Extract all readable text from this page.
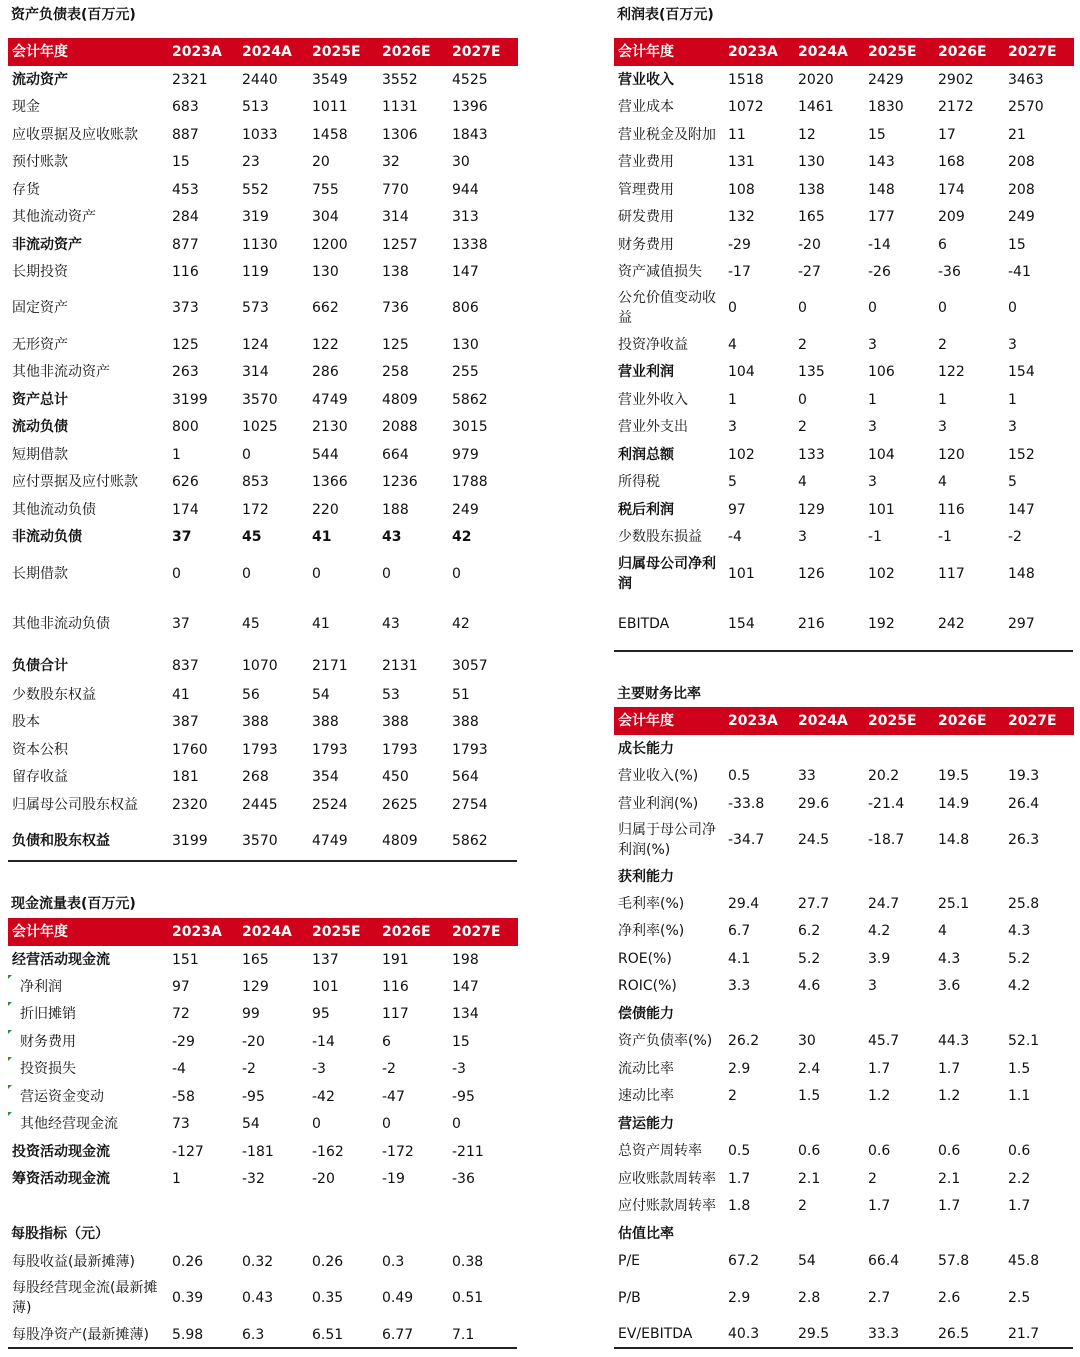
资产负债表(百万元)
会计年度	2023A	2024A	2025E	2026E	2027E
流动资产	2321	2440	3549	3552	4525
现金	683	513	1011	1131	1396
应收票据及应收账款	887	1033	1458	1306	1843
预付账款	15	23	20	32	30
存货	453	552	755	770	944
其他流动资产	284	319	304	314	313
非流动资产	877	1130	1200	1257	1338
长期投资	116	119	130	138	147
固定资产	373	573	662	736	806
无形资产	125	124	122	125	130
其他非流动资产	263	314	286	258	255
资产总计	3199	3570	4749	4809	5862
流动负债	800	1025	2130	2088	3015
短期借款	1	0	544	664	979
应付票据及应付账款	626	853	1366	1236	1788
其他流动负债	174	172	220	188	249
非流动负债	37	45	41	43	42
长期借款	0	0	0	0	0
其他非流动负债	37	45	41	43	42
负债合计	837	1070	2171	2131	3057
少数股东权益	41	56	54	53	51
股本	387	388	388	388	388
资本公积	1760	1793	1793	1793	1793
留存收益	181	268	354	450	564
归属母公司股东权益	2320	2445	2524	2625	2754
负债和股东权益	3199	3570	4749	4809	5862
现金流量表(百万元)
会计年度	2023A	2024A	2025E	2026E	2027E
经营活动现金流	151	165	137	191	198
净利润	97	129	101	116	147
折旧摊销	72	99	95	117	134
财务费用	-29	-20	-14	6	15
投资损失	-4	-2	-3	-2	-3
营运资金变动	-58	-95	-42	-47	-95
其他经营现金流	73	54	0	0	0
投资活动现金流	-127	-181	-162	-172	-211
筹资活动现金流	1	-32	-20	-19	-36
每股指标（元）
每股收益(最新摊薄)	0.26	0.32	0.26	0.3	0.38
每股经营现金流(最新摊薄)	0.39	0.43	0.35	0.49	0.51
每股净资产(最新摊薄)	5.98	6.3	6.51	6.77	7.1
利润表(百万元)
会计年度	2023A	2024A	2025E	2026E	2027E
营业收入	1518	2020	2429	2902	3463
营业成本	1072	1461	1830	2172	2570
营业税金及附加	11	12	15	17	21
营业费用	131	130	143	168	208
管理费用	108	138	148	174	208
研发费用	132	165	177	209	249
财务费用	-29	-20	-14	6	15
资产减值损失	-17	-27	-26	-36	-41
公允价值变动收益	0	0	0	0	0
投资净收益	4	2	3	2	3
营业利润	104	135	106	122	154
营业外收入	1	0	1	1	1
营业外支出	3	2	3	3	3
利润总额	102	133	104	120	152
所得税	5	4	3	4	5
税后利润	97	129	101	116	147
少数股东损益	-4	3	-1	-1	-2
归属母公司净利润	101	126	102	117	148
EBITDA	154	216	192	242	297
主要财务比率
会计年度	2023A	2024A	2025E	2026E	2027E
成长能力					
营业收入(%)	0.5	33	20.2	19.5	19.3
营业利润(%)	-33.8	29.6	-21.4	14.9	26.4
归属于母公司净利润(%)	-34.7	24.5	-18.7	14.8	26.3
获利能力					
毛利率(%)	29.4	27.7	24.7	25.1	25.8
净利率(%)	6.7	6.2	4.2	4	4.3
ROE(%)	4.1	5.2	3.9	4.3	5.2
ROIC(%)	3.3	4.6	3	3.6	4.2
偿债能力					
资产负债率(%)	26.2	30	45.7	44.3	52.1
流动比率	2.9	2.4	1.7	1.7	1.5
速动比率	2	1.5	1.2	1.2	1.1
营运能力					
总资产周转率	0.5	0.6	0.6	0.6	0.6
应收账款周转率	1.7	2.1	2	2.1	2.2
应付账款周转率	1.8	2	1.7	1.7	1.7
估值比率					
P/E	67.2	54	66.4	57.8	45.8
P/B	2.9	2.8	2.7	2.6	2.5
EV/EBITDA	40.3	29.5	33.3	26.5	21.7
